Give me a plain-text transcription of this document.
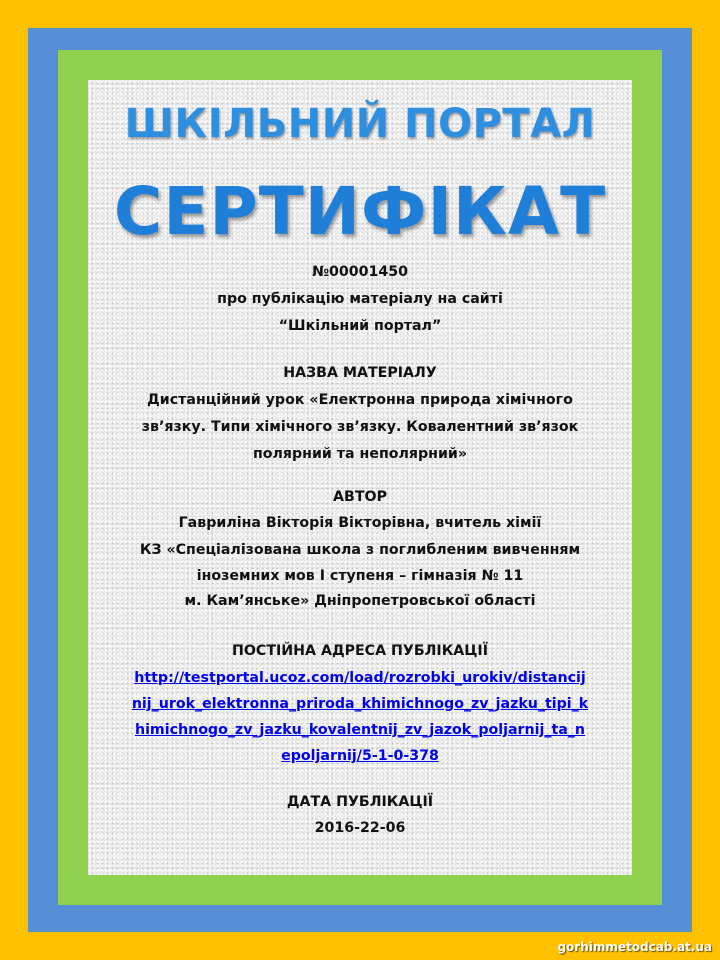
ШКІЛЬНИЙ ПОРТАЛ
СЕРТИФІКАТ
№00001450
про публікацію матеріалу на сайті
“Шкільний портал”
НАЗВА МАТЕРІАЛУ
Дистанційний урок «Електронна природа хімічного
зв’язку. Типи хімічного зв’язку. Ковалентний зв’язок
полярний та неполярний»
АВТОР
Гавриліна Вікторія Вікторівна, вчитель хімії
КЗ «Спеціалізована школа з поглибленим вивченням
іноземних мов І ступеня – гімназія № 11
м. Кам’янське» Дніпропетровської області
ПОСТІЙНА АДРЕСА ПУБЛІКАЦІЇ
http://testportal.ucoz.com/load/rozrobki_urokiv/distancij
nij_urok_elektronna_priroda_khimichnogo_zv_jazku_tipi_k
himichnogo_zv_jazku_kovalentnij_zv_jazok_poljarnij_ta_n
epoljarnij/5-1-0-378
ДАТА ПУБЛІКАЦІЇ
2016-22-06
gorhimmetodcab.at.ua
